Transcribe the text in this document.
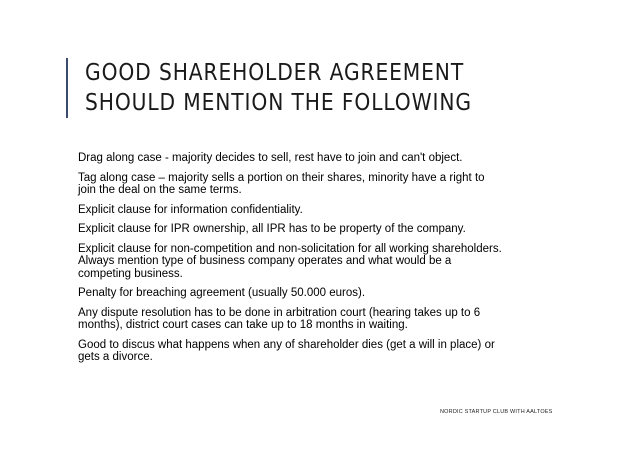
GOOD SHAREHOLDER AGREEMENT
SHOULD MENTION THE FOLLOWING

Drag along case - majority decides to sell, rest have to join and can't object.

Tag along case – majority sells a portion on their shares, minority have a right to
join the deal on the same terms.

Explicit clause for information confidentiality.

Explicit clause for IPR ownership, all IPR has to be property of the company.

Explicit clause for non-competition and non-solicitation for all working shareholders.
Always mention type of business company operates and what would be a
competing business.

Penalty for breaching agreement (usually 50.000 euros).

Any dispute resolution has to be done in arbitration court (hearing takes up to 6
months), district court cases can take up to 18 months in waiting.

Good to discus what happens when any of shareholder dies (get a will in place) or
gets a divorce.

NORDIC STARTUP CLUB WITH AALTOES
